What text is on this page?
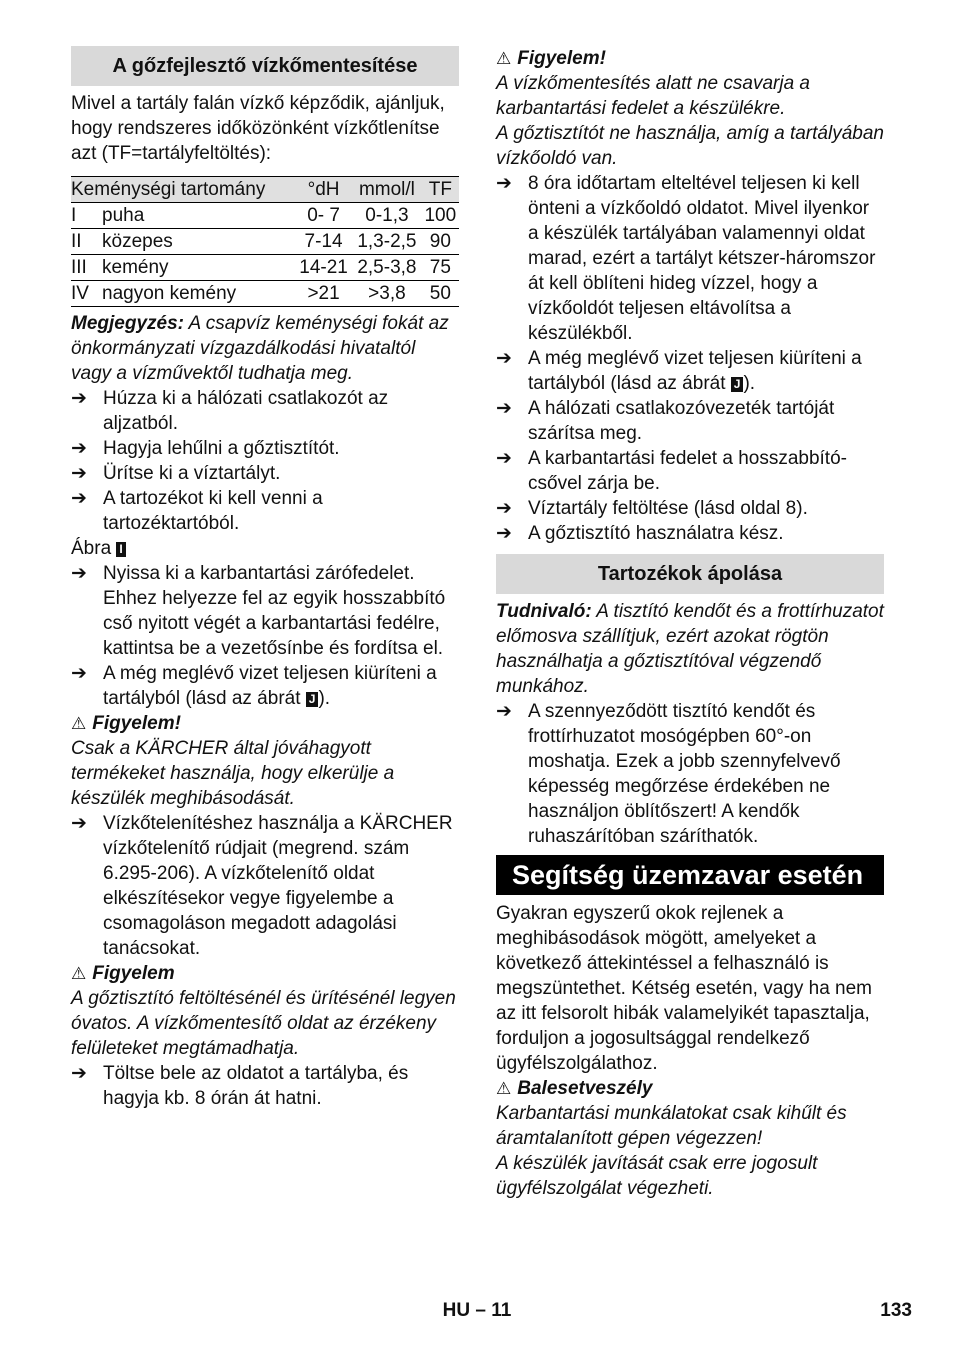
A gőzfejlesztő vízkőmentesítése

Mivel a tartály falán vízkő képződik, ajánljuk, hogy rendszeres időközönként vízkőtlenítse azt (TF=tartályfeltöltés):

Keménységi tartomány		°dH	mmol/l	TF
I	puha	0- 7	0-1,3	100
II	közepes	7-14	1,3-2,5	90
III	kemény	14-21	2,5-3,8	75
IV	nagyon kemény	>21	>3,8	50

Megjegyzés: A csapvíz keménységi fokát az önkormányzati vízgazdálkodási hivataltól vagy a vízművektől tudhatja meg.

➔ Húzza ki a hálózati csatlakozót az aljzatból.
➔ Hagyja lehűlni a gőztisztítót.
➔ Ürítse ki a víztartályt.
➔ A tartozékot ki kell venni a tartozéktartóból.

Ábra I

➔ Nyissa ki a karbantartási zárófedelet. Ehhez helyezze fel az egyik hosszabbító cső nyitott végét a karbantartási fedélre, kattintsa be a vezetősínbe és fordítsa el.
➔ A még meglévő vizet teljesen kiüríteni a tartályból (lásd az ábrát J ).

⚠ Figyelem!

Csak a KÄRCHER által jóváhagyott termékeket használja, hogy elkerülje a készülék meghibásodását.

➔ Vízkőtelenítéshez használja a KÄRCHER vízkőtelenítő rúdjait (megrend. szám 6.295-206). A vízkőtelenítő oldat elkészítésekor vegye figyelembe a csomagoláson megadott adagolási tanácsokat.

⚠ Figyelem

A gőztisztító feltöltésénél és ürítésénél legyen óvatos. A vízkőmentesítő oldat az érzékeny felületeket megtámadhatja.

➔ Töltse bele az oldatot a tartályba, és hagyja kb. 8 órán át hatni.

⚠ Figyelem!

A vízkőmentesítés alatt ne csavarja a karbantartási fedelet a készülékre.

A gőztisztítót ne használja, amíg a tartályában vízkőoldó van.

➔ 8 óra időtartam elteltével teljesen ki kell önteni a vízkőoldó oldatot. Mivel ilyenkor a készülék tartályában valamennyi oldat marad, ezért a tartályt kétszer-háromszor át kell öblíteni hideg vízzel, hogy a vízkőoldót teljesen eltávolítsa a készülékből.
➔ A még meglévő vizet teljesen kiüríteni a tartályból (lásd az ábrát J ).
➔ A hálózati csatlakozóvezeték tartóját szárítsa meg.
➔ A karbantartási fedelet a hosszabbító-csővel zárja be.
➔ Víztartály feltöltése (lásd oldal 8).
➔ A gőztisztító használatra kész.
Tartozékok ápolása

Tudnivaló: A tisztító kendőt és a frottírhuzatot előmosva szállítjuk, ezért azokat rögtön használhatja a gőztisztítóval végzendő munkához.

➔ A szennyeződött tisztító kendőt és frottírhuzatot mosógépben 60°-on moshatja. Ezek a jobb szennyfelvevő képesség megőrzése érdekében ne használjon öblítőszert! A kendők ruhaszárítóban száríthatók.
Segítség üzemzavar esetén

Gyakran egyszerű okok rejlenek a meghibásodások mögött, amelyeket a következő áttekintéssel a felhasználó is megszüntethet. Kétség esetén, vagy ha nem az itt felsorolt hibák valamelyikét tapasztalja, forduljon a jogosultsággal rendelkező ügyfélszolgálathoz.

⚠ Balesetveszély

Karbantartási munkálatokat csak kihűlt és áramtalanított gépen végezzen!

A készülék javítását csak erre jogosult ügyfélszolgálat végezheti.

HU – 11	133
